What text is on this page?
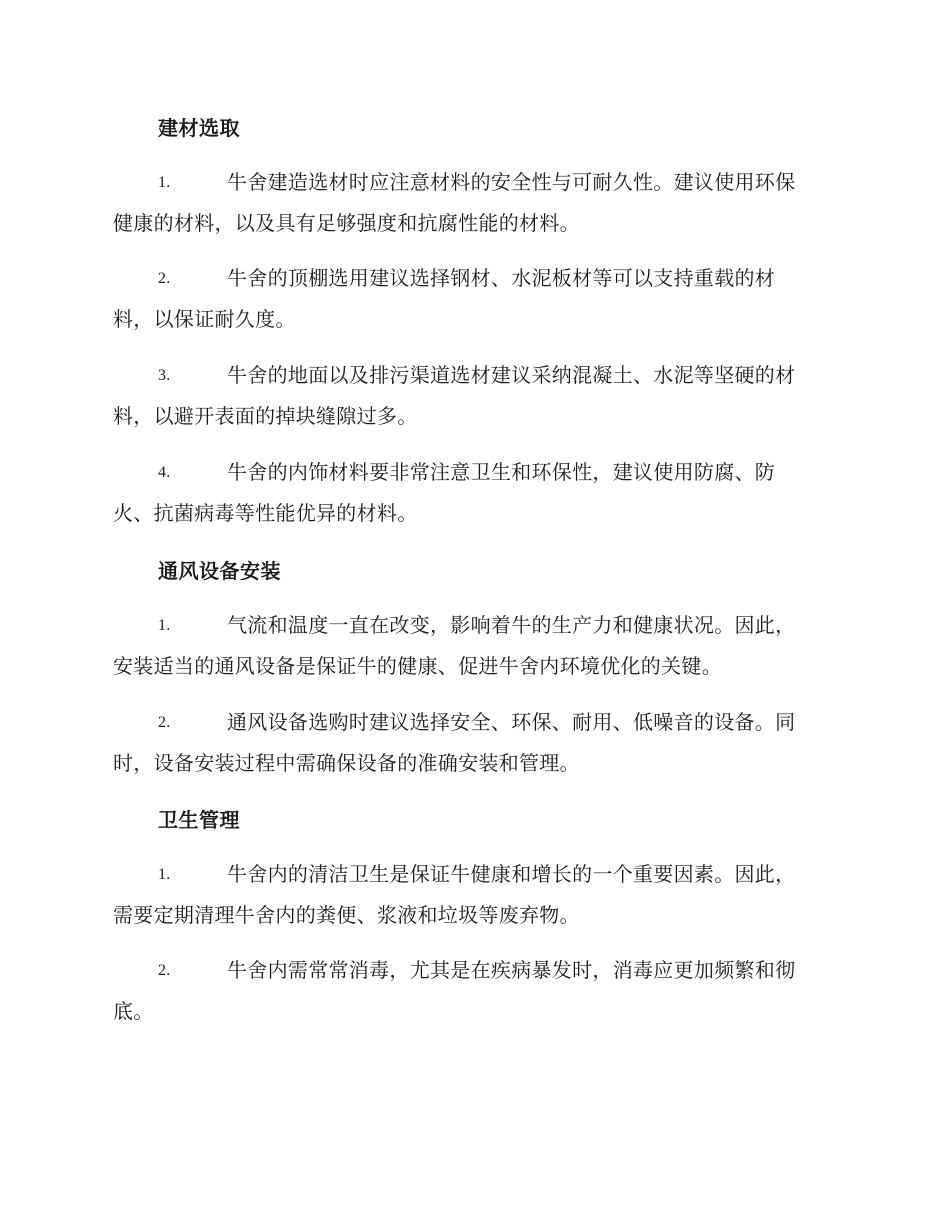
建材选取
1.	牛舍建造选材时应注意材料的安全性与可耐久性。建议使用环保
健康的材料，以及具有足够强度和抗腐性能的材料。
2.	牛舍的顶棚选用建议选择钢材、水泥板材等可以支持重载的材
料，以保证耐久度。
3.	牛舍的地面以及排污渠道选材建议采纳混凝土、水泥等坚硬的材
料，以避开表面的掉块缝隙过多。
4.	牛舍的内饰材料要非常注意卫生和环保性，建议使用防腐、防
火、抗菌病毒等性能优异的材料。
通风设备安装
1.	气流和温度一直在改变，影响着牛的生产力和健康状况。因此，
安装适当的通风设备是保证牛的健康、促进牛舍内环境优化的关键。
2.	通风设备选购时建议选择安全、环保、耐用、低噪音的设备。同
时，设备安装过程中需确保设备的准确安装和管理。
卫生管理
1.	牛舍内的清洁卫生是保证牛健康和增长的一个重要因素。因此，
需要定期清理牛舍内的粪便、浆液和垃圾等废弃物。
2.	牛舍内需常常消毒，尤其是在疾病暴发时，消毒应更加频繁和彻
底。
